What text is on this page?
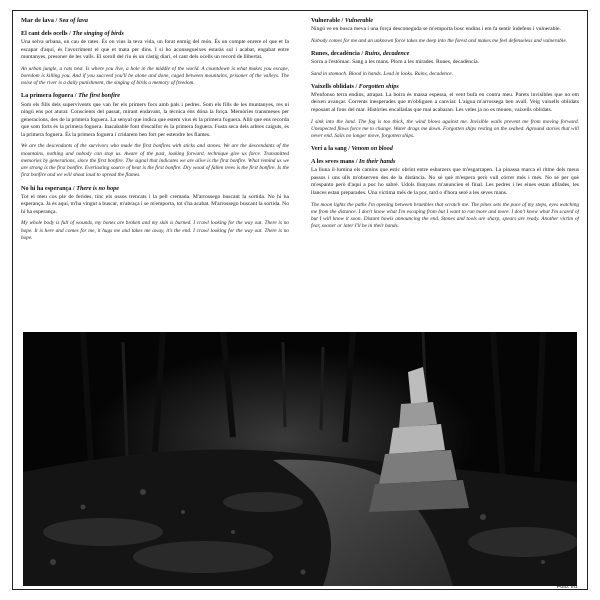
Mar de lava / Sea of lava
El cant dels ocells / The singing of birds

Una selva urbana, un cau de rates. És on vius la teva vida, un forat enmig del món. És un compte enrere el que et fa escapar d'aquí, és l'avorriment el que et mata per dins. I si ho aconsegueixes estaràs sol i acabat, engabat entre muntanyes, presoner de les valls. El soroll del riu és un càstig diari, el cant dels ocells un record de llibertat.

An urban jungle, a rats nest. Is where you live, a hole in the middle of the world. A countdown is what makes you escape, boredom is killing you. And if you succeed you'll be alone and done, caged between mountains, prisoner of the valleys. The noise of the river is a daily punishment, the singing of birds a memory of freedom.

La primera foguera / The first bonfire

Som els fills dels supervivents que van fer els primers focs amb pals i pedres. Som els fills de les muntanyes, res ni ningú ens pot aturar. Conscients del passat, mirant endavant, la tècnica ens dóna la força. Memòries transmeses per generacions, des de la primera foguera. La senyal que indica que estem vius és la primera foguera. Allò que ens recorda que som forts és la primera foguera. Inacabable font d'escalfor és la primera foguera. Fusta seca dels arbres caiguts, és la primera foguera. És la primera foguera i cridarem ben fort per estendre les flames.

We are the descendants of the survivors who made the first bonfires with sticks and stones. We are the descendants of the mountains, nothing and nobody can stop us. Aware of the past, looking forward, technique give us force. Transmitted memories by generations, since the first bonfire. The signal that indicates we are alive is the first bonfire. What remind us we are strong is the first bonfire. Everlasting source of heat is the first bonfire. Dry wood of fallen trees is the first bonfire. Is the first bonfire and we will shout loud to spread the flames.

No hi ha esperança / There is no hope

Tot el meu cos ple de ferides, tinc els ossos trencats i la pell cremada. M'arrossego buscant la sortida. No hi ha esperança. Ja és aquí, m'ha vingut a buscar, m'abraça i se m'emporta, tot s'ha acabat. M'arrossego buscant la sortida. No hi ha esperança.

My whole body is full of wounds, my bones are broken and my skin is burned. I crawl looking for the way out. There is no hope. It is here and comes for me, it hugs me and takes me away, it's the end. I crawl looking for the way out. There is no hope.

Vulnerable / Vulnerable

Ningú ve en busca meva i una força desconeguda se m'emporta bosc endins i em fa sentir indefens i vulnerable.

Nobody comes for me and an unknown force takes me deep into the forest and makes me feel defenseless and vulnerable.

Runes, decadència / Ruins, decadence

Sorra a l'estómac. Sang a les mans. Plom a les mirades. Runes, decadència.

Sand in stomach. Blood in hands. Lead in looks. Ruins, decadence.

Vaixells oblidats / Forgotten ships

M'enfonso terra endins, atrapat. La boira és massa espessa, el vent bufa en contra meu. Parets invisibles que no em deixen avançar. Corrents inesperades que m'obliguen a canviar. L'aigua m'arrossega ben avall. Veig vaixells oblidats reposant al fons del mar. Històries encalladas que mai acabaran. Les veles ja no es mouen, vaixells oblidats.

I sink into the land. The fog is too thick, the wind blows against me. Invisible walls prevent me from moving forward. Unexpected flows force me to change. Water drags me down. Forgotten ships resting on the seabed. Aground stories that will never end. Sails no longer move, forgotten ships.

Verí a la sang / Venom on blood
A les seves mans / In their hands

La lluna il·lumina els camins que estic obrint entre esbarzers que m'esgarrapen. La pinassa marca el ritme dels meus passos i uns ulls m'observen des de la distància. No sé què m'espera però vull córrer més i més. No sé per què m'espanto però d'aquí a poc ho sabré. Udols llunyans m'anuncien el final. Les pedres i les eines estan afilades, les llances estan preparades. Una víctima més de la por, tard o d'hora seré a les seves mans.

The moon lights the paths I'm opening between brambles that scratch me. The pines sets the pace of my steps, eyes watching me from the distance. I don't know what I'm escaping from but I want to run more and more. I don't know what I'm scared of but I will know it soon. Distant howls announcing the end. Stones and tools are sharp, spears are ready. Another victim of fear, sooner or later I'll be in their hands.

Foto: Iru
